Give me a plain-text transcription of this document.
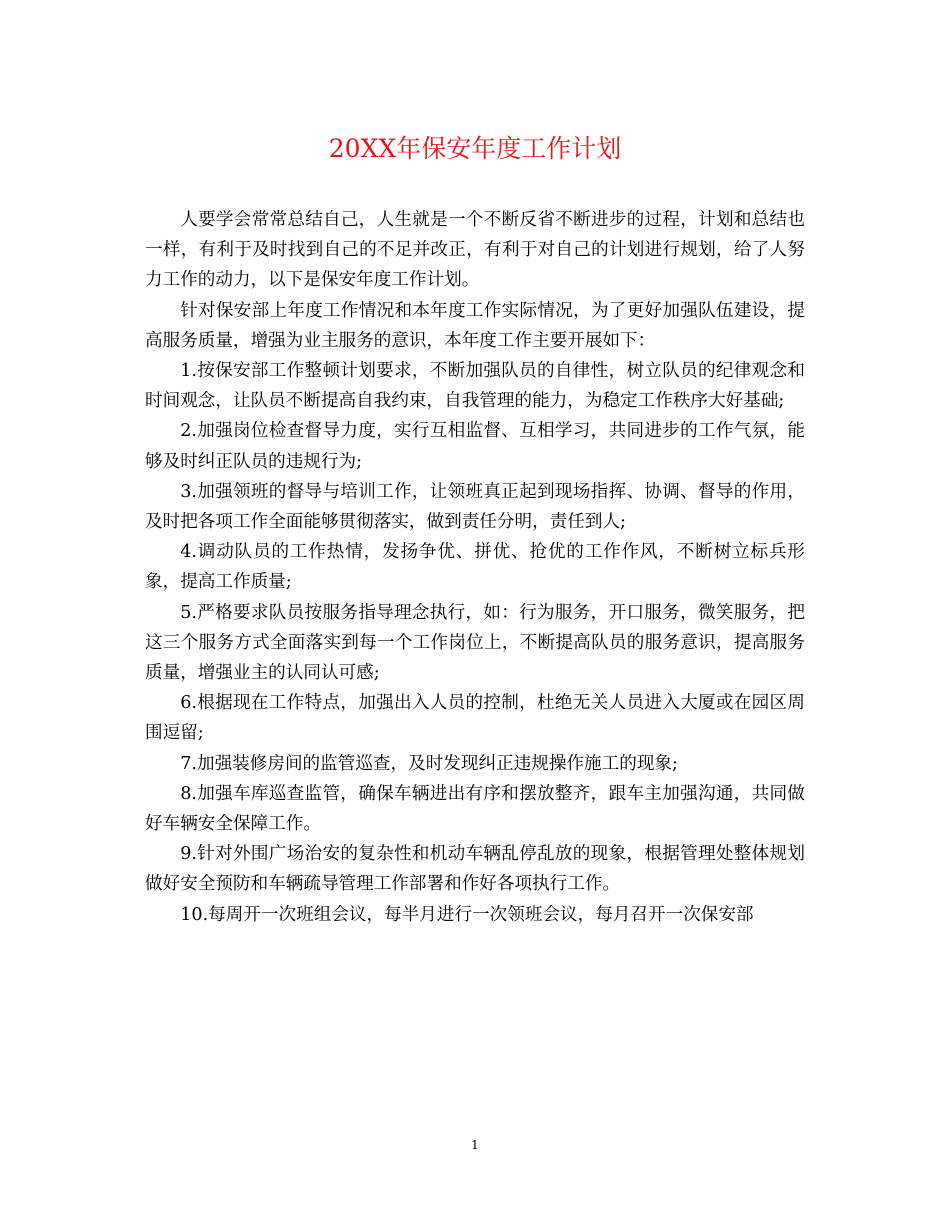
20XX年保安年度工作计划

人要学会常常总结自己，人生就是一个不断反省不断进步的过程，计划和总结也一样，有利于及时找到自己的不足并改正，有利于对自己的计划进行规划，给了人努力工作的动力，以下是保安年度工作计划。

针对保安部上年度工作情况和本年度工作实际情况，为了更好加强队伍建设，提高服务质量，增强为业主服务的意识，本年度工作主要开展如下：

1.按保安部工作整顿计划要求，不断加强队员的自律性，树立队员的纪律观念和时间观念，让队员不断提高自我约束，自我管理的能力，为稳定工作秩序大好基础;

2.加强岗位检查督导力度，实行互相监督、互相学习，共同进步的工作气氛，能够及时纠正队员的违规行为;

3.加强领班的督导与培训工作，让领班真正起到现场指挥、协调、督导的作用，及时把各项工作全面能够贯彻落实，做到责任分明，责任到人;

4.调动队员的工作热情，发扬争优、拼优、抢优的工作作风，不断树立标兵形象，提高工作质量;

5.严格要求队员按服务指导理念执行，如：行为服务，开口服务，微笑服务，把这三个服务方式全面落实到每一个工作岗位上，不断提高队员的服务意识，提高服务质量，增强业主的认同认可感;

6.根据现在工作特点，加强出入人员的控制，杜绝无关人员进入大厦或在园区周围逗留;

7.加强装修房间的监管巡查，及时发现纠正违规操作施工的现象;

8.加强车库巡查监管，确保车辆进出有序和摆放整齐，跟车主加强沟通，共同做好车辆安全保障工作。

9.针对外围广场治安的复杂性和机动车辆乱停乱放的现象，根据管理处整体规划做好安全预防和车辆疏导管理工作部署和作好各项执行工作。

10.每周开一次班组会议，每半月进行一次领班会议，每月召开一次保安部

1
